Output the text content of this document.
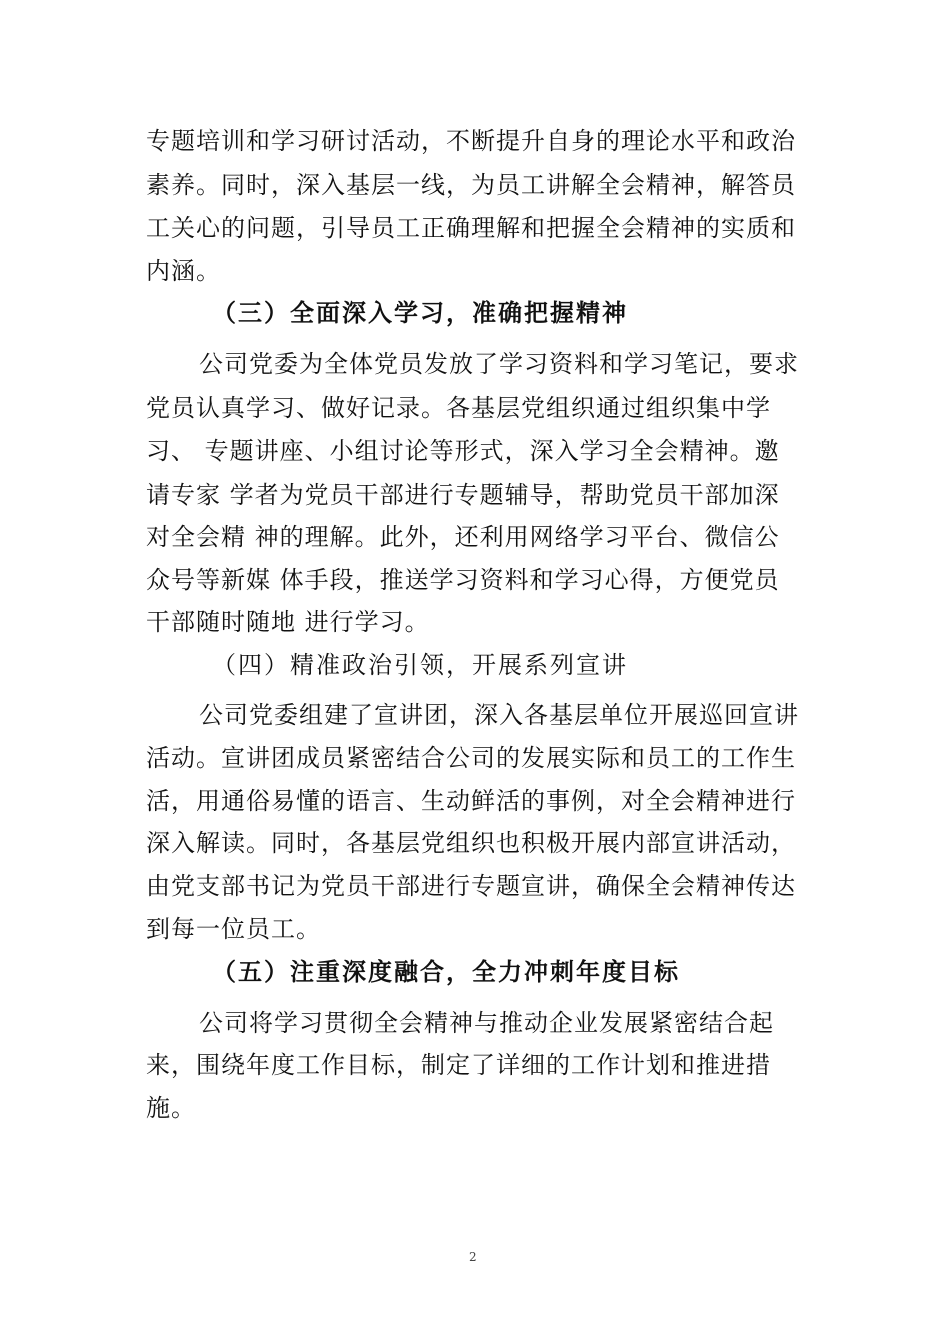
专题培训和学习研讨活动，不断提升自身的理论水平和政治
素养。同时，深入基层一线，为员工讲解全会精神，解答员
工关心的问题，引导员工正确理解和把握全会精神的实质和
内涵。
（三）全面深入学习，准确把握精神
公司党委为全体党员发放了学习资料和学习笔记，要求
党员认真学习、做好记录。各基层党组织通过组织集中学
习、 专题讲座、小组讨论等形式，深入学习全会精神。邀
请专家 学者为党员干部进行专题辅导，帮助党员干部加深
对全会精 神的理解。此外，还利用网络学习平台、微信公
众号等新媒 体手段，推送学习资料和学习心得，方便党员
干部随时随地 进行学习。
（四）精准政治引领，开展系列宣讲
公司党委组建了宣讲团，深入各基层单位开展巡回宣讲
活动。宣讲团成员紧密结合公司的发展实际和员工的工作生
活，用通俗易懂的语言、生动鲜活的事例，对全会精神进行
深入解读。同时，各基层党组织也积极开展内部宣讲活动，
由党支部书记为党员干部进行专题宣讲，确保全会精神传达
到每一位员工。
（五）注重深度融合，全力冲刺年度目标
公司将学习贯彻全会精神与推动企业发展紧密结合起
来，围绕年度工作目标，制定了详细的工作计划和推进措
施。
2
